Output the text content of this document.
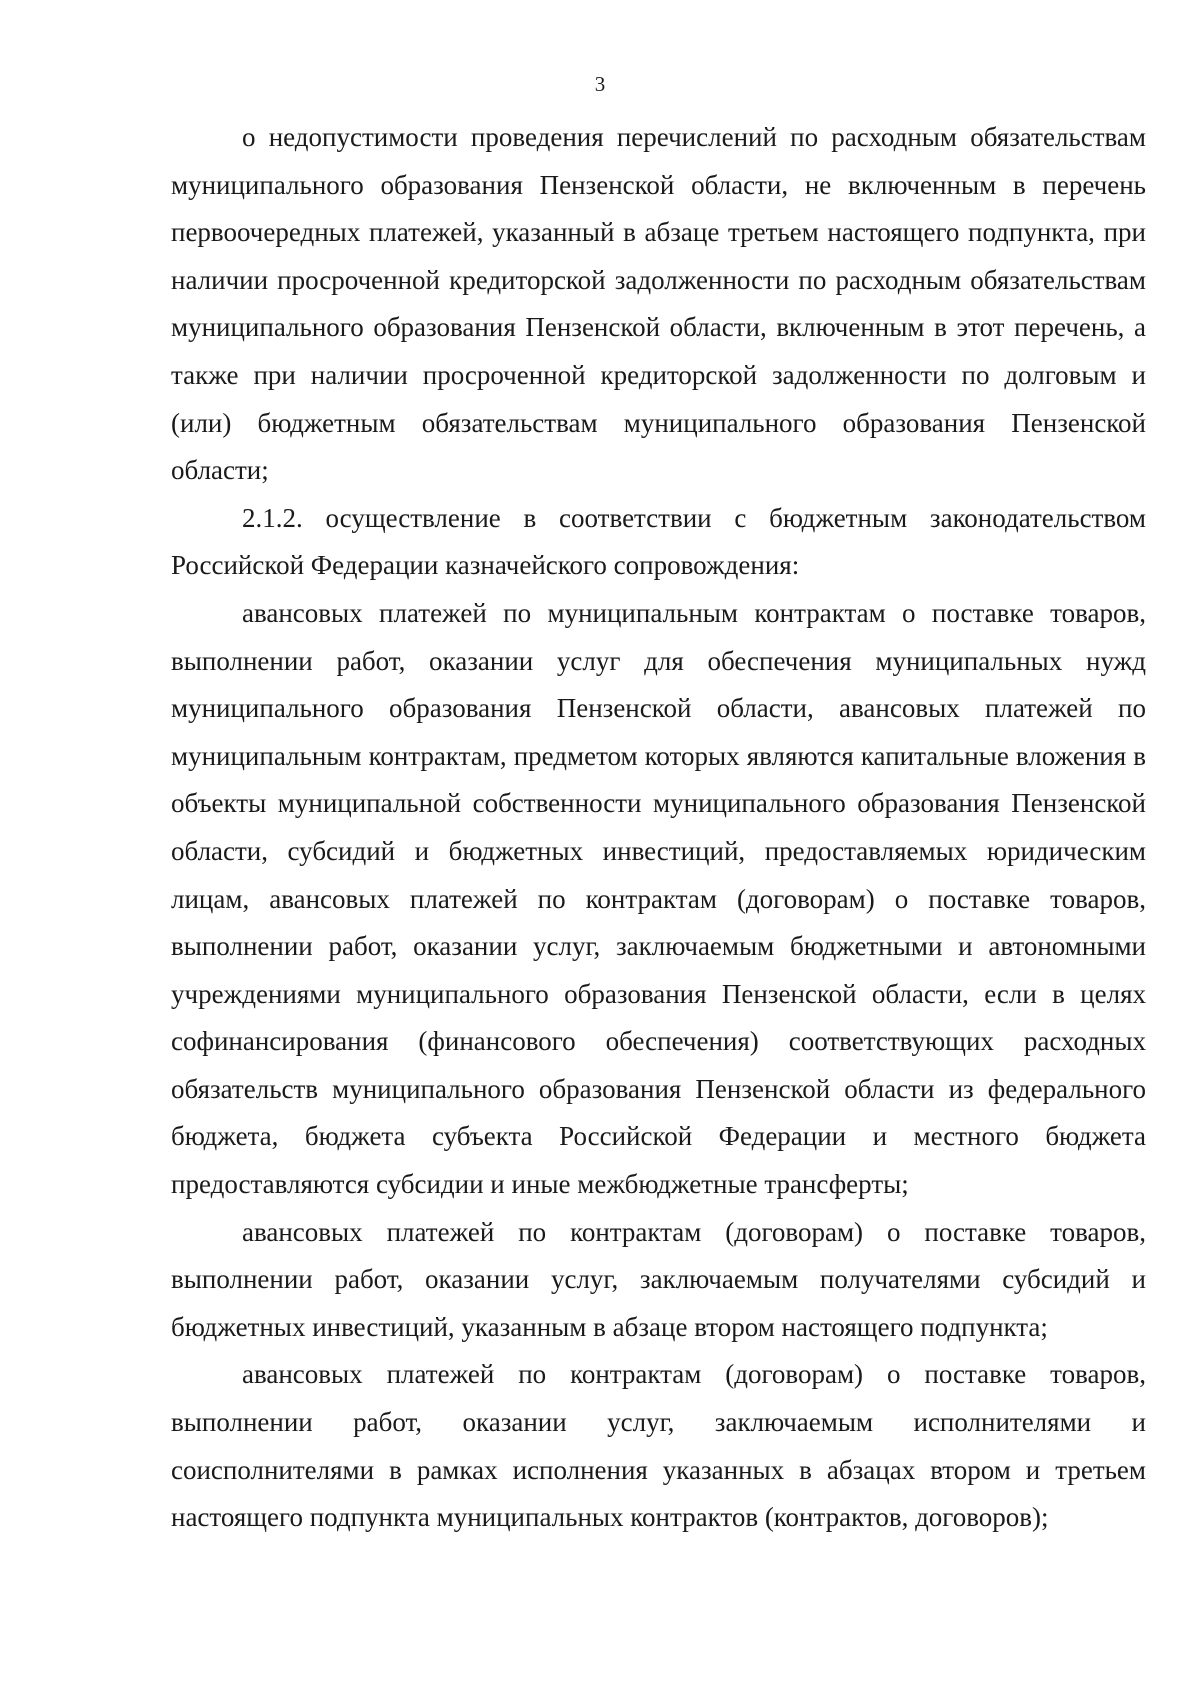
3

о недопустимости проведения перечислений по расходным обязательствам муниципального образования Пензенской области, не включенным в перечень первоочередных платежей, указанный в абзаце третьем настоящего подпункта, при наличии просроченной кредиторской задолженности по расходным обязательствам муниципального образования Пензенской области, включенным в этот перечень, а также при наличии просроченной кредиторской задолженности по долговым и (или) бюджетным обязательствам муниципального образования Пензенской области;

2.1.2. осуществление в соответствии с бюджетным законодательством Российской Федерации казначейского сопровождения:

авансовых платежей по муниципальным контрактам о поставке товаров, выполнении работ, оказании услуг для обеспечения муниципальных нужд муниципального образования Пензенской области, авансовых платежей по муниципальным контрактам, предметом которых являются капитальные вложения в объекты муниципальной собственности муниципального образования Пензенской области, субсидий и бюджетных инвестиций, предоставляемых юридическим лицам, авансовых платежей по контрактам (договорам) о поставке товаров, выполнении работ, оказании услуг, заключаемым бюджетными и автономными учреждениями муниципального образования Пензенской области, если в целях софинансирования (финансового обеспечения) соответствующих расходных обязательств муниципального образования Пензенской области из федерального бюджета, бюджета субъекта Российской Федерации и местного бюджета предоставляются субсидии и иные межбюджетные трансферты;

авансовых платежей по контрактам (договорам) о поставке товаров, выполнении работ, оказании услуг, заключаемым получателями субсидий и бюджетных инвестиций, указанным в абзаце втором настоящего подпункта;

авансовых платежей по контрактам (договорам) о поставке товаров, выполнении работ, оказании услуг, заключаемым исполнителями и соисполнителями в рамках исполнения указанных в абзацах втором и третьем настоящего подпункта муниципальных контрактов (контрактов, договоров);
